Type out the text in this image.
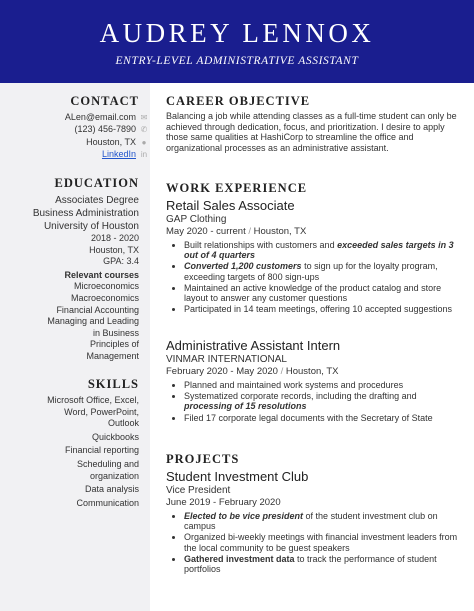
AUDREY LENNOX
ENTRY-LEVEL ADMINISTRATIVE ASSISTANT
CONTACT
ALen@email.com ✉
(123) 456-7890 ✆
Houston, TX ●
LinkedIn in
EDUCATION
Associates Degree
Business Administration
University of Houston
2018 - 2020
Houston, TX
GPA: 3.4
Relevant courses
Microeconomics
Macroeconomics
Financial Accounting
Managing and Leading in Business
Principles of Management
SKILLS
Microsoft Office, Excel, Word, PowerPoint, Outlook
Quickbooks
Financial reporting
Scheduling and organization
Data analysis
Communication
CAREER OBJECTIVE
Balancing a job while attending classes as a full-time student can only be achieved through dedication, focus, and prioritization. I desire to apply those same qualities at HashiCorp to streamline the office and organizational processes as an administrative assistant.
WORK EXPERIENCE
Retail Sales Associate
GAP Clothing
May 2020 - current / Houston, TX
• Built relationships with customers and exceeded sales targets in 3 out of 4 quarters
• Converted 1,200 customers to sign up for the loyalty program, exceeding targets of 800 sign-ups
• Maintained an active knowledge of the product catalog and store layout to answer any customer questions
• Participated in 14 team meetings, offering 10 accepted suggestions
Administrative Assistant Intern
VINMAR INTERNATIONAL
February 2020 - May 2020 / Houston, TX
• Planned and maintained work systems and procedures
• Systematized corporate records, including the drafting and processing of 15 resolutions
• Filed 17 corporate legal documents with the Secretary of State
PROJECTS
Student Investment Club
Vice President
June 2019 - February 2020
• Elected to be vice president of the student investment club on campus
• Organized bi-weekly meetings with financial investment leaders from the local community to be guest speakers
• Gathered investment data to track the performance of student portfolios
